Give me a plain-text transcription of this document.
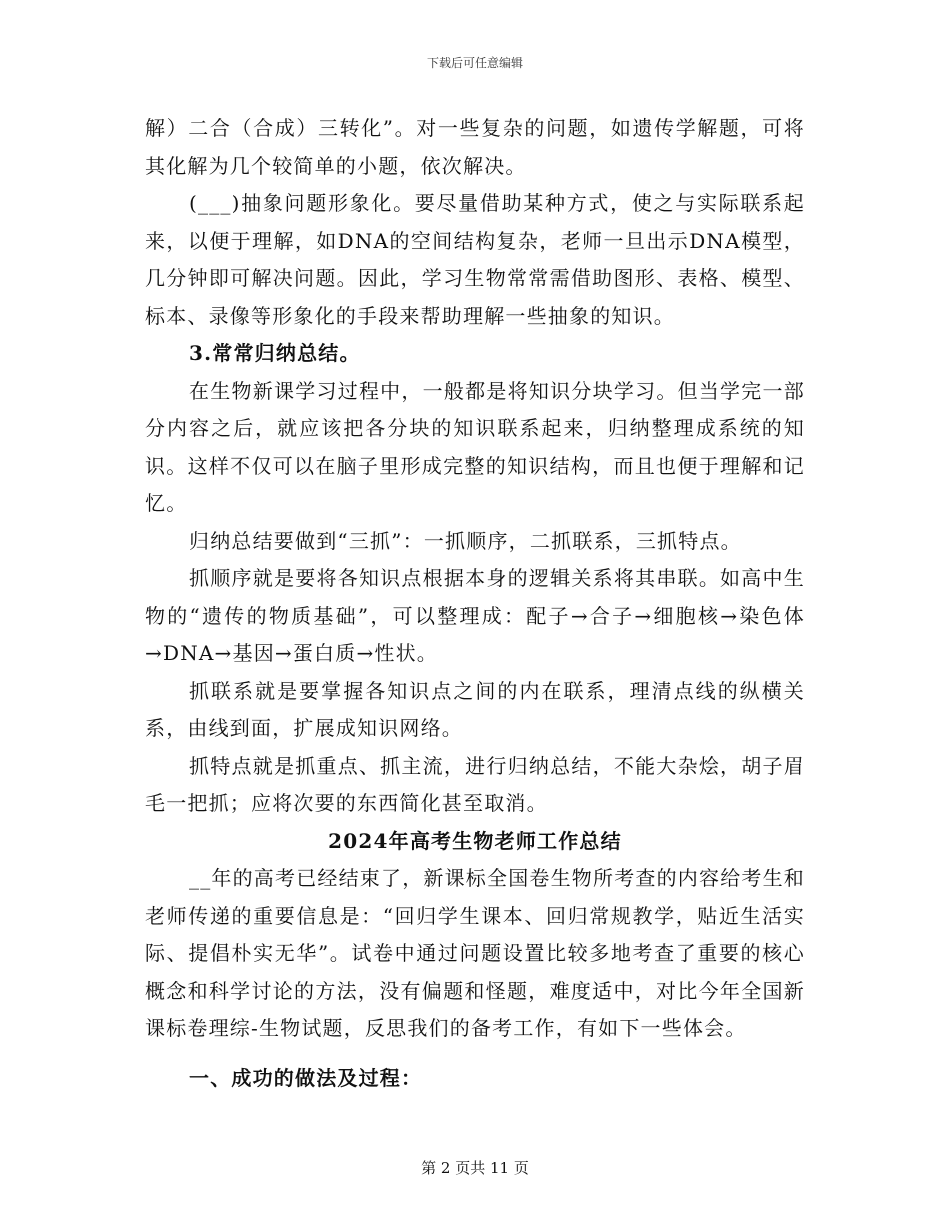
下载后可任意编辑

解）二合（合成）三转化”。对一些复杂的问题，如遗传学解题，可将其化解为几个较简单的小题，依次解决。

(___)抽象问题形象化。要尽量借助某种方式，使之与实际联系起来，以便于理解，如DNA的空间结构复杂，老师一旦出示DNA模型，几分钟即可解决问题。因此，学习生物常常需借助图形、表格、模型、标本、录像等形象化的手段来帮助理解一些抽象的知识。

3.常常归纳总结。

在生物新课学习过程中，一般都是将知识分块学习。但当学完一部分内容之后，就应该把各分块的知识联系起来，归纳整理成系统的知识。这样不仅可以在脑子里形成完整的知识结构，而且也便于理解和记忆。

归纳总结要做到“三抓”：一抓顺序，二抓联系，三抓特点。

抓顺序就是要将各知识点根据本身的逻辑关系将其串联。如高中生物的“遗传的物质基础”，可以整理成：配子→合子→细胞核→染色体→DNA→基因→蛋白质→性状。

抓联系就是要掌握各知识点之间的内在联系，理清点线的纵横关系，由线到面，扩展成知识网络。

抓特点就是抓重点、抓主流，进行归纳总结，不能大杂烩，胡子眉毛一把抓；应将次要的东西简化甚至取消。

2024年高考生物老师工作总结

__年的高考已经结束了，新课标全国卷生物所考查的内容给考生和老师传递的重要信息是：“回归学生课本、回归常规教学，贴近生活实际、提倡朴实无华”。试卷中通过问题设置比较多地考查了重要的核心概念和科学讨论的方法，没有偏题和怪题，难度适中，对比今年全国新课标卷理综-生物试题，反思我们的备考工作，有如下一些体会。

一、成功的做法及过程：

第 2 页共 11 页
